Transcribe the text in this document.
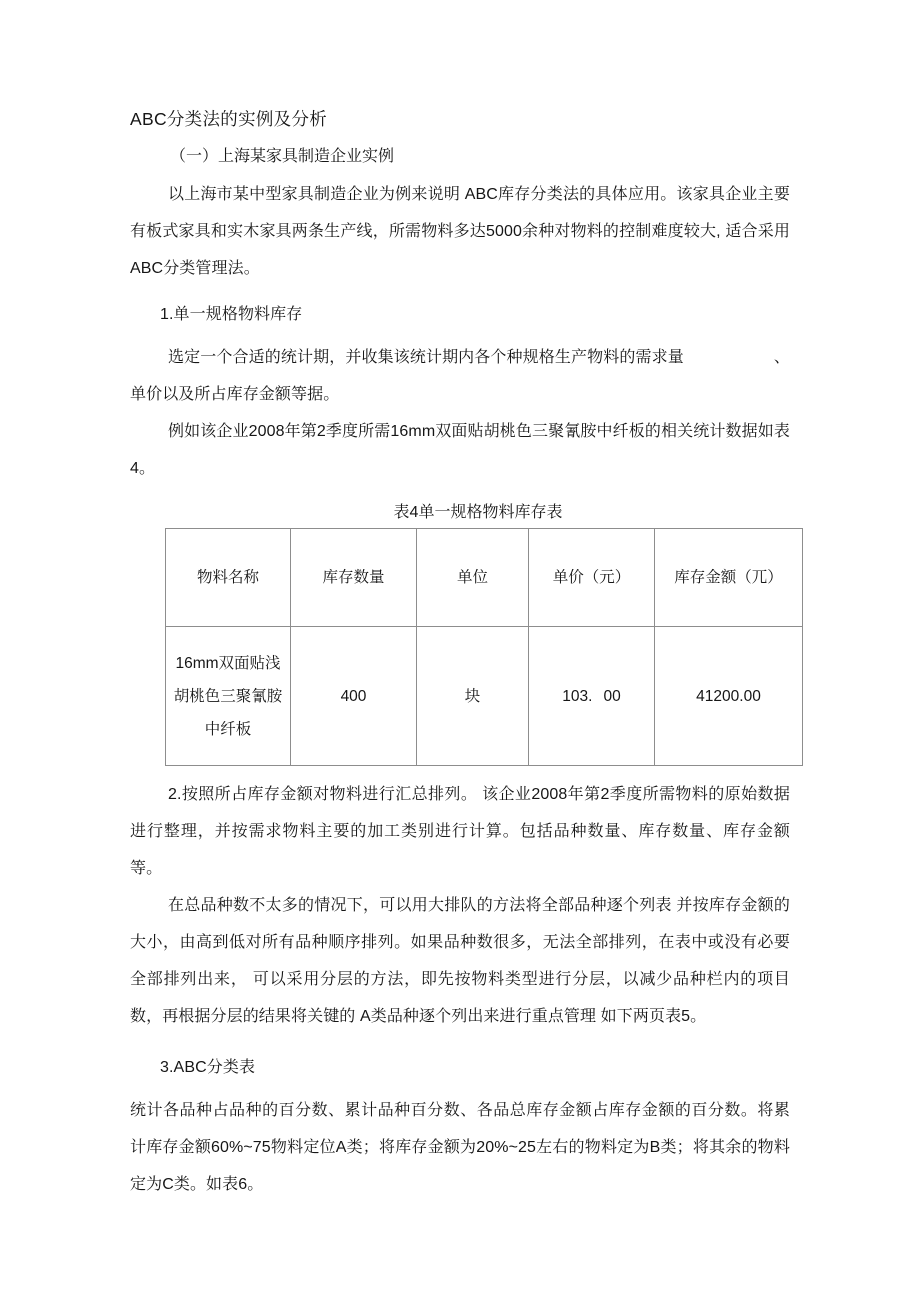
ABC分类法的实例及分析
（一）上海某家具制造企业实例

以上海市某中型家具制造企业为例来说明 ABC库存分类法的具体应用。该家具企业主要有板式家具和实木家具两条生产线，所需物料多达5000余种对物料的控制难度较大, 适合采用ABC分类管理法。

1.单一规格物料库存

选定一个合适的统计期，并收集该统计期内各个种规格生产物料的需求量	、单价以及所占库存金额等据。

例如该企业2008年第2季度所需16mm双面贴胡桃色三聚氰胺中纤板的相关统计数据如表4。

表4单一规格物料库存表

物料名称	库存数量	单位	单价（元）	库存金额（兀）
16mm双面贴浅胡桃色三聚氰胺中纤板	400	块	103. 00	41200.00

2.按照所占库存金额对物料进行汇总排列。 该企业2008年第2季度所需物料的原始数据进行整理，并按需求物料主要的加工类别进行计算。包括品种数量、库存数量、库存金额等。

在总品种数不太多的情况下，可以用大排队的方法将全部品种逐个列表 并按库存金额的大小，由高到低对所有品种顺序排列。如果品种数很多，无法全部排列，在表中或没有必要全部排列出来， 可以采用分层的方法，即先按物料类型进行分层，以减少品种栏内的项目数，再根据分层的结果将关键的 A类品种逐个列出来进行重点管理 如下两页表5。

3.ABC分类表

统计各品种占品种的百分数、累计品种百分数、各品总库存金额占库存金额的百分数。将累计库存金额60%~75物料定位A类；将库存金额为20%~25左右的物料定为B类；将其余的物料定为C类。如表6。
